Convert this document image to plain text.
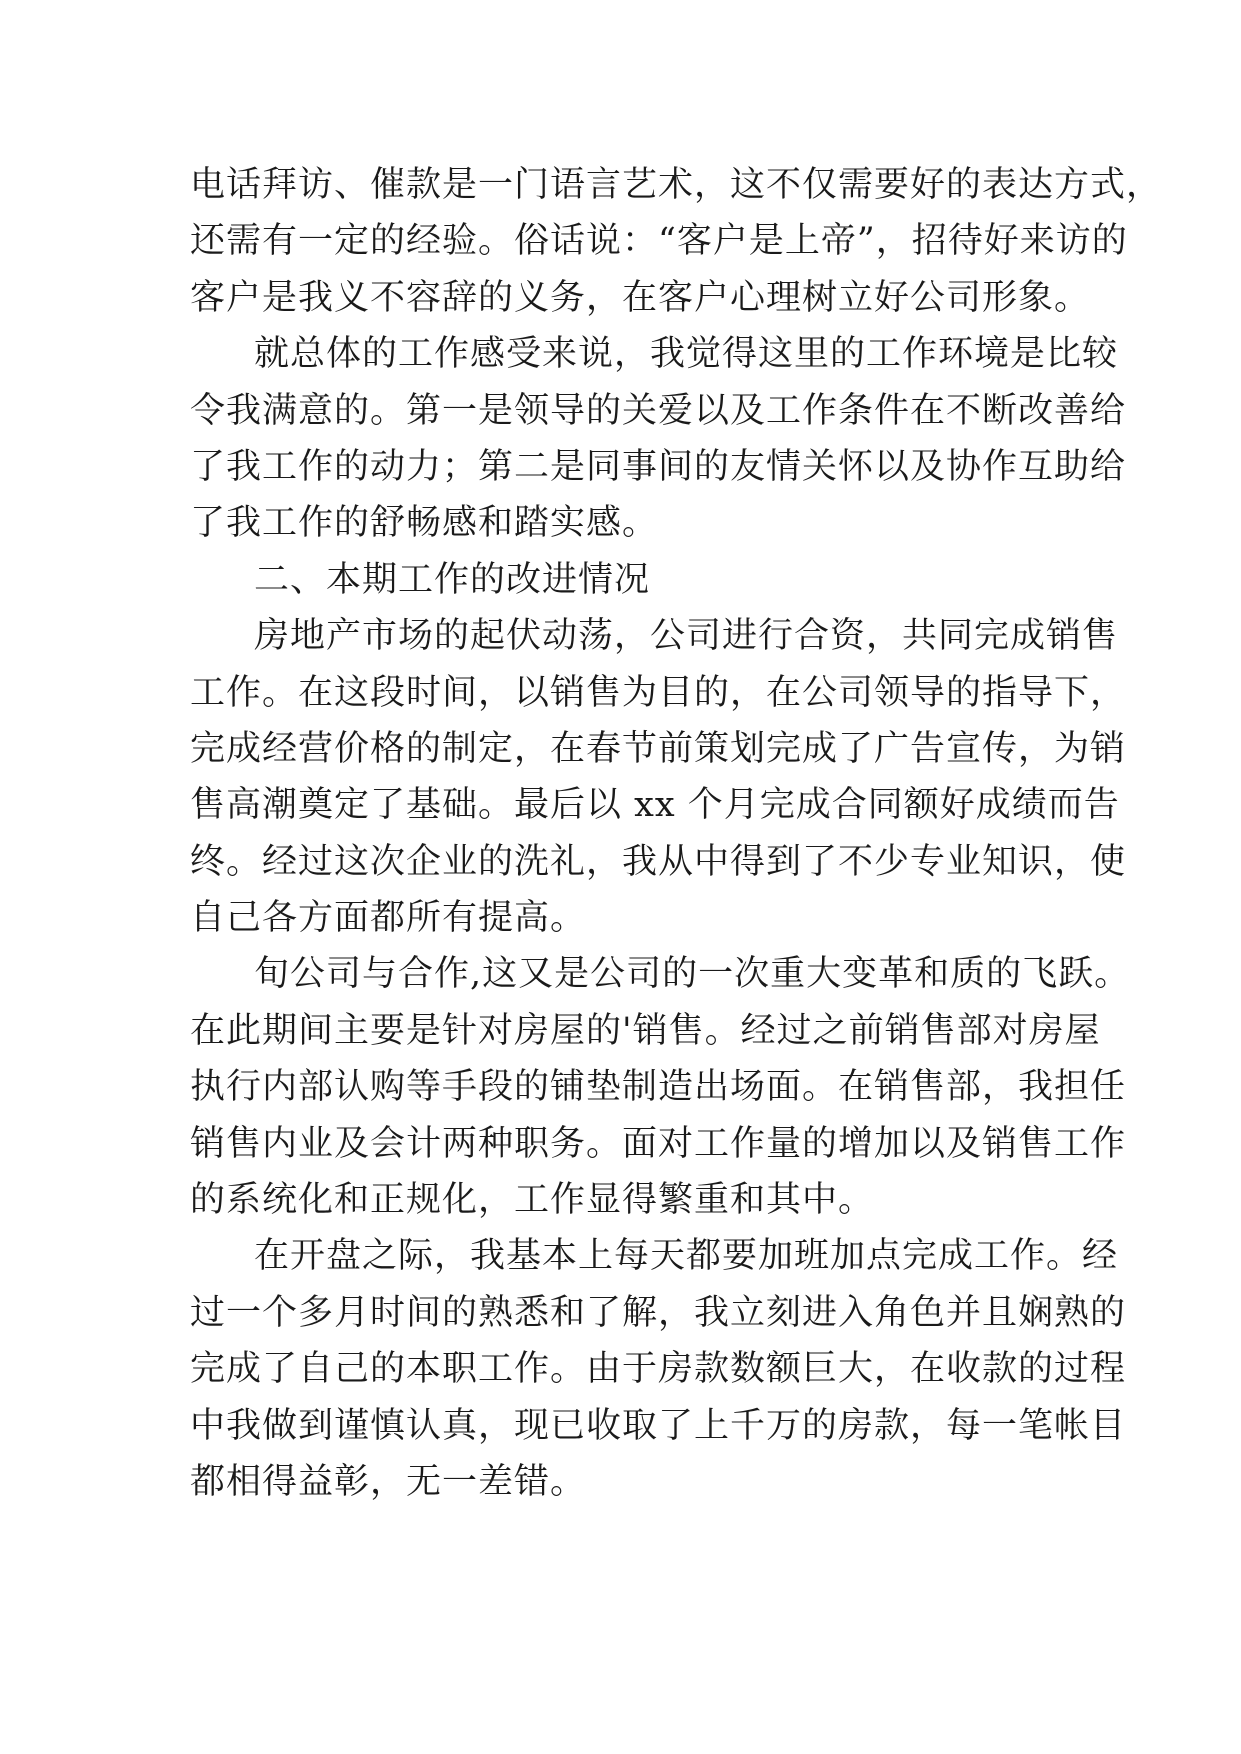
电话拜访、催款是一门语言艺术，这不仅需要好的表达方式，
还需有一定的经验。俗话说：“客户是上帝”，招待好来访的
客户是我义不容辞的义务，在客户心理树立好公司形象。
就总体的工作感受来说，我觉得这里的工作环境是比较
令我满意的。第一是领导的关爱以及工作条件在不断改善给
了我工作的动力；第二是同事间的友情关怀以及协作互助给
了我工作的舒畅感和踏实感。
二、本期工作的改进情况
房地产市场的起伏动荡，公司进行合资，共同完成销售
工作。在这段时间，以销售为目的，在公司领导的指导下，
完成经营价格的制定，在春节前策划完成了广告宣传，为销
售高潮奠定了基础。最后以 xx 个月完成合同额好成绩而告
终。经过这次企业的洗礼，我从中得到了不少专业知识，使
自己各方面都所有提高。
旬公司与合作,这又是公司的一次重大变革和质的飞跃。
在此期间主要是针对房屋的'销售。经过之前销售部对房屋
执行内部认购等手段的铺垫制造出场面。在销售部，我担任
销售内业及会计两种职务。面对工作量的增加以及销售工作
的系统化和正规化，工作显得繁重和其中。
在开盘之际，我基本上每天都要加班加点完成工作。经
过一个多月时间的熟悉和了解，我立刻进入角色并且娴熟的
完成了自己的本职工作。由于房款数额巨大，在收款的过程
中我做到谨慎认真，现已收取了上千万的房款，每一笔帐目
都相得益彰，无一差错。
